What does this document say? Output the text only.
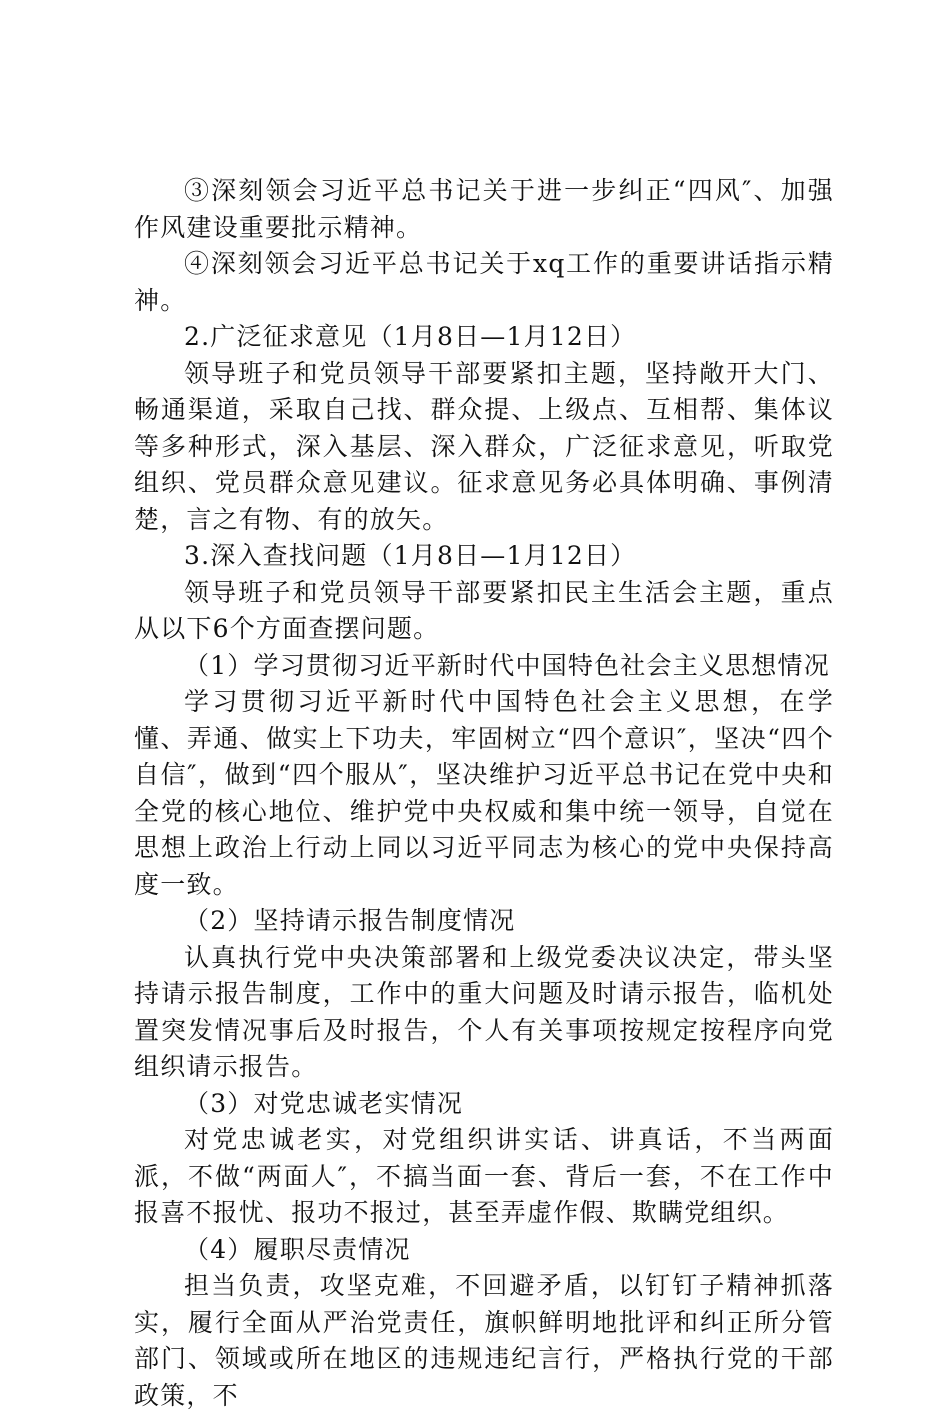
③深刻领会习近平总书记关于进一步纠正“四风″、加强作风建设重要批示精神。

④深刻领会习近平总书记关于xq工作的重要讲话指示精神。

2.广泛征求意见（1月8日—1月12日）

领导班子和党员领导干部要紧扣主题，坚持敞开大门、畅通渠道，采取自己找、群众提、上级点、互相帮、集体议等多种形式，深入基层、深入群众，广泛征求意见，听取党组织、党员群众意见建议。征求意见务必具体明确、事例清楚，言之有物、有的放矢。

3.深入查找问题（1月8日—1月12日）

领导班子和党员领导干部要紧扣民主生活会主题，重点从以下6个方面查摆问题。

（1）学习贯彻习近平新时代中国特色社会主义思想情况

学习贯彻习近平新时代中国特色社会主义思想，在学懂、弄通、做实上下功夫，牢固树立“四个意识″，坚决“四个自信″，做到“四个服从″，坚决维护习近平总书记在党中央和全党的核心地位、维护党中央权威和集中统一领导，自觉在思想上政治上行动上同以习近平同志为核心的党中央保持高度一致。

（2）坚持请示报告制度情况

认真执行党中央决策部署和上级党委决议决定，带头坚持请示报告制度，工作中的重大问题及时请示报告，临机处置突发情况事后及时报告，个人有关事项按规定按程序向党组织请示报告。

（3）对党忠诚老实情况

对党忠诚老实，对党组织讲实话、讲真话，不当两面派，不做“两面人″，不搞当面一套、背后一套，不在工作中报喜不报忧、报功不报过，甚至弄虚作假、欺瞒党组织。

（4）履职尽责情况

担当负责，攻坚克难，不回避矛盾，以钉钉子精神抓落实，履行全面从严治党责任，旗帜鲜明地批评和纠正所分管部门、领域或所在地区的违规违纪言行，严格执行党的干部政策，不
